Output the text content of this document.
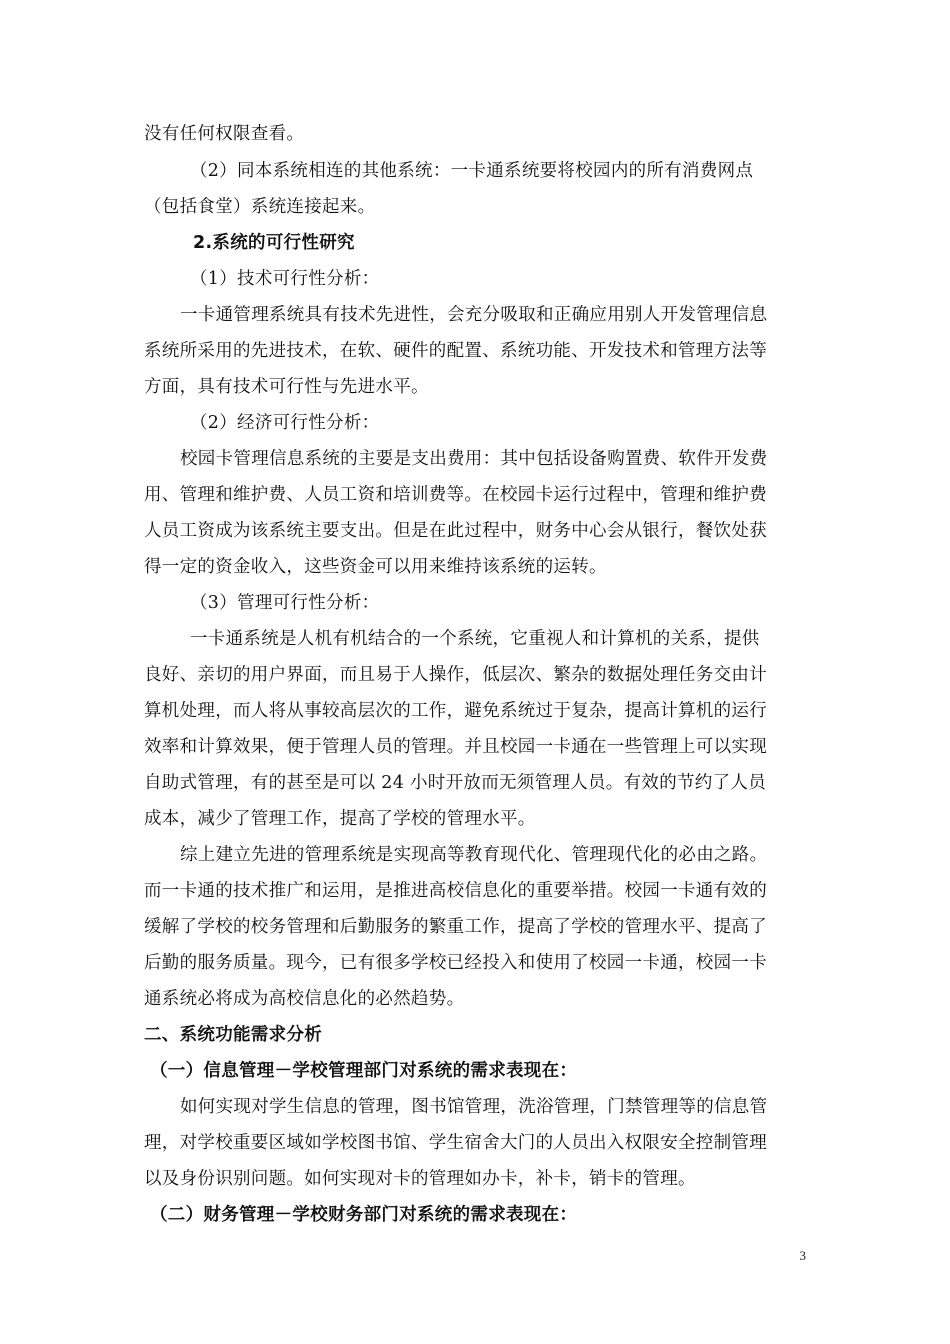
没有任何权限查看。
（2）同本系统相连的其他系统：一卡通系统要将校园内的所有消费网点
（包括食堂）系统连接起来。
2.系统的可行性研究
（1）技术可行性分析：
一卡通管理系统具有技术先进性，会充分吸取和正确应用别人开发管理信息
系统所采用的先进技术，在软、硬件的配置、系统功能、开发技术和管理方法等
方面，具有技术可行性与先进水平。
（2）经济可行性分析：
校园卡管理信息系统的主要是支出费用：其中包括设备购置费、软件开发费
用、管理和维护费、人员工资和培训费等。在校园卡运行过程中，管理和维护费
人员工资成为该系统主要支出。但是在此过程中，财务中心会从银行，餐饮处获
得一定的资金收入，这些资金可以用来维持该系统的运转。
（3）管理可行性分析：
一卡通系统是人机有机结合的一个系统，它重视人和计算机的关系，提供
良好、亲切的用户界面，而且易于人操作，低层次、繁杂的数据处理任务交由计
算机处理，而人将从事较高层次的工作，避免系统过于复杂，提高计算机的运行
效率和计算效果，便于管理人员的管理。并且校园一卡通在一些管理上可以实现
自助式管理，有的甚至是可以 24 小时开放而无须管理人员。有效的节约了人员
成本，减少了管理工作，提高了学校的管理水平。
综上建立先进的管理系统是实现高等教育现代化、管理现代化的必由之路。
而一卡通的技术推广和运用，是推进高校信息化的重要举措。校园一卡通有效的
缓解了学校的校务管理和后勤服务的繁重工作，提高了学校的管理水平、提高了
后勤的服务质量。现今，已有很多学校已经投入和使用了校园一卡通，校园一卡
通系统必将成为高校信息化的必然趋势。
二、系统功能需求分析
（一）信息管理－学校管理部门对系统的需求表现在：
如何实现对学生信息的管理，图书馆管理，洗浴管理，门禁管理等的信息管
理，对学校重要区域如学校图书馆、学生宿舍大门的人员出入权限安全控制管理
以及身份识别问题。如何实现对卡的管理如办卡，补卡，销卡的管理。
（二）财务管理－学校财务部门对系统的需求表现在：
3
